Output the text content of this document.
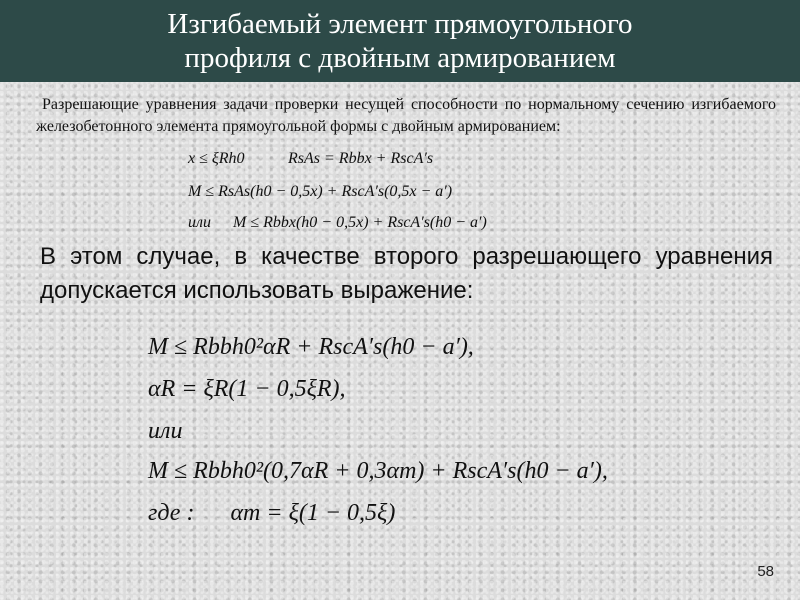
Изгибаемый элемент прямоугольного
профиля с двойным армированием
Разрешающие уравнения задачи проверки несущей способности по нормальному сечению изгибаемого железобетонного элемента прямоугольной формы с двойным армированием:
x ≤ ξRh0	RsAs = Rbbx + RscA′s
M ≤ RsAs(h0 − 0,5x) + RscA′s(0,5x − a′)
или M ≤ Rbbx(h0 − 0,5x) + RscA′s(h0 − a′)
В этом случае, в качестве второго разрешающего уравнения допускается использовать выражение:
M ≤ Rbbh0²αR + RscA′s(h0 − a′),
αR = ξR(1 − 0,5ξR),
или
M ≤ Rbbh0²(0,7αR + 0,3αm) + RscA′s(h0 − a′),
где : αm = ξ(1 − 0,5ξ)
58
